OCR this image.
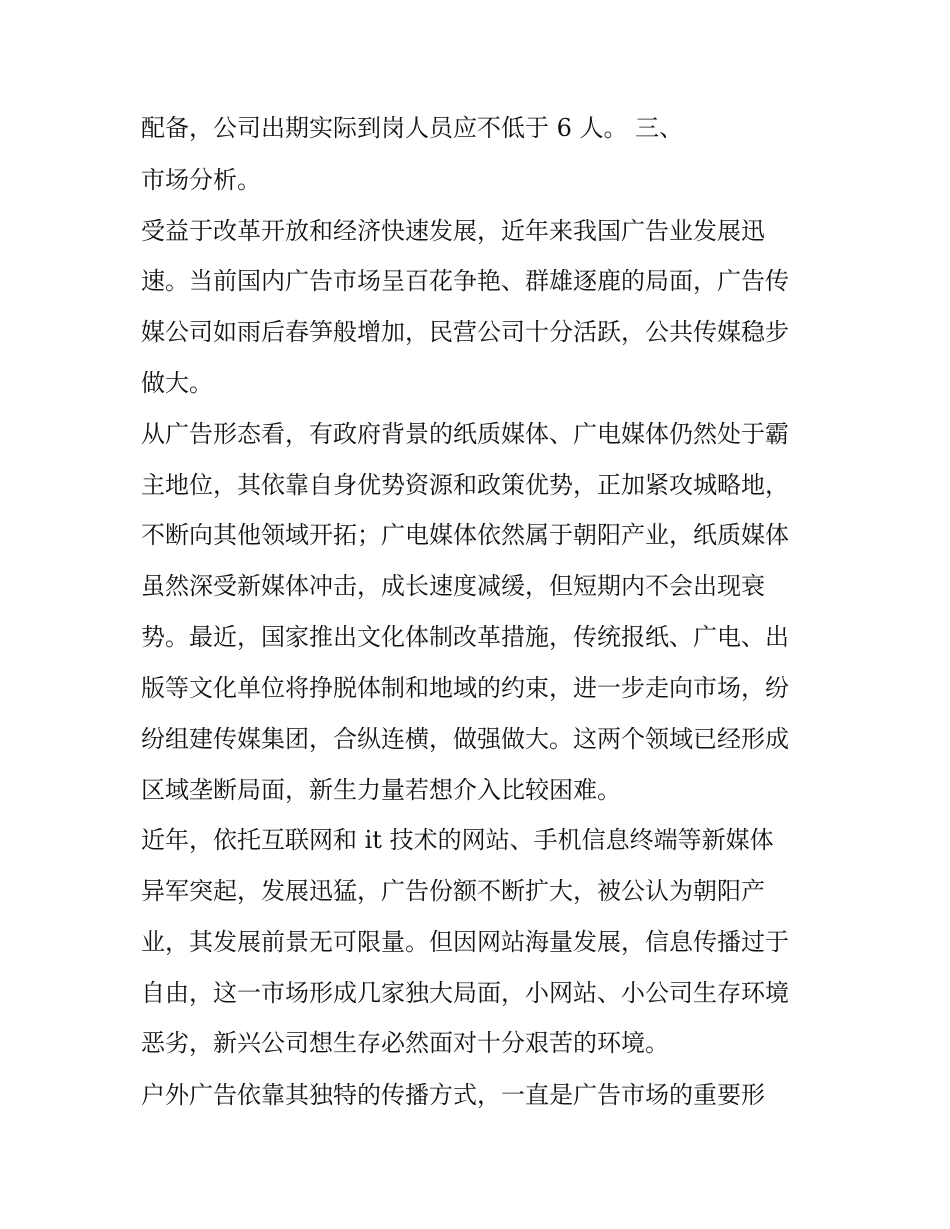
配备，公司出期实际到岗人员应不低于 6 人。 三、

市场分析。

受益于改革开放和经济快速发展，近年来我国广告业发展迅

速。当前国内广告市场呈百花争艳、群雄逐鹿的局面，广告传

媒公司如雨后春笋般增加，民营公司十分活跃，公共传媒稳步

做大。

从广告形态看，有政府背景的纸质媒体、广电媒体仍然处于霸

主地位，其依靠自身优势资源和政策优势，正加紧攻城略地，

不断向其他领域开拓；广电媒体依然属于朝阳产业，纸质媒体

虽然深受新媒体冲击，成长速度减缓，但短期内不会出现衰

势。最近，国家推出文化体制改革措施，传统报纸、广电、出

版等文化单位将挣脱体制和地域的约束，进一步走向市场，纷

纷组建传媒集团，合纵连横，做强做大。这两个领域已经形成

区域垄断局面，新生力量若想介入比较困难。

近年，依托互联网和 it 技术的网站、手机信息终端等新媒体

异军突起，发展迅猛，广告份额不断扩大，被公认为朝阳产

业，其发展前景无可限量。但因网站海量发展，信息传播过于

自由，这一市场形成几家独大局面，小网站、小公司生存环境

恶劣，新兴公司想生存必然面对十分艰苦的环境。

户外广告依靠其独特的传播方式，一直是广告市场的重要形
